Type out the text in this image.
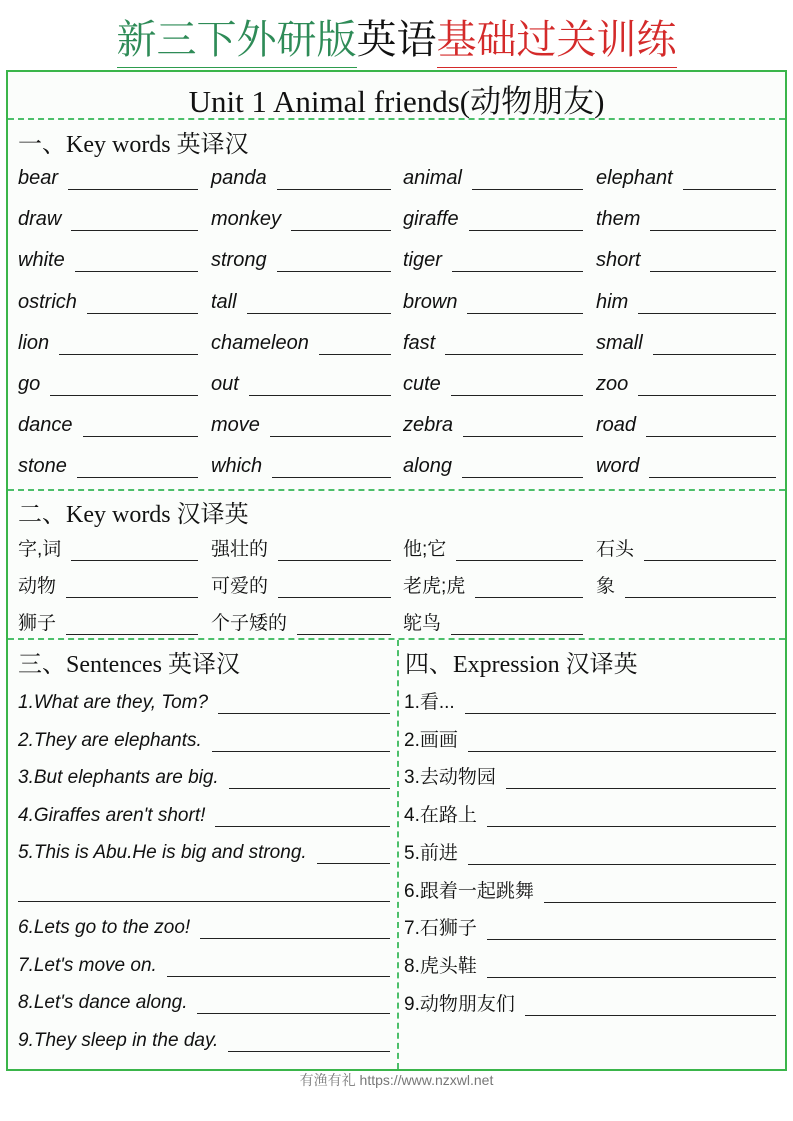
新三下外研版英语基础过关训练
Unit 1 Animal friends(动物朋友)
一、Key words 英译汉
bear	panda	animal	elephant
draw	monkey	giraffe	them
white	strong	tiger	short
ostrich	tall	brown	him
lion	chameleon	fast	small
go	out	cute	zoo
dance	move	zebra	road
stone	which	along	word
二、Key words 汉译英
字,词	强壮的	他;它	石头
动物	可爱的	老虎;虎	象
狮子	个子矮的	鸵鸟
三、Sentences 英译汉	四、Expression 汉译英
1.What are they, Tom?
2.They are elephants.
3.But elephants are big.
4.Giraffes aren't short!
5.This is Abu.He is big and strong.
6.Lets go to the zoo!
7.Let's move on.
8.Let's dance along.
9.They sleep in the day.
1.看...
2.画画
3.去动物园
4.在路上
5.前进
6.跟着一起跳舞
7.石狮子
8.虎头鞋
9.动物朋友们
有渔有礼 https://www.nzxwl.net
